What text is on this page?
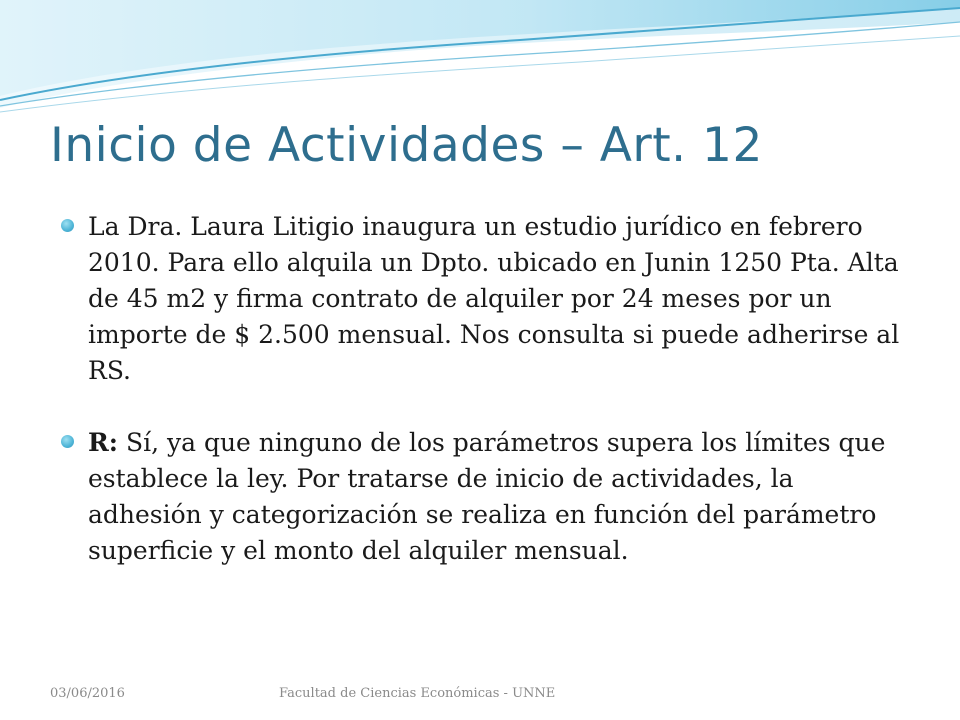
Inicio de Actividades – Art. 12
La Dra. Laura Litigio inaugura un estudio jurídico en febrero 2010. Para ello alquila un Dpto. ubicado en Junin 1250 Pta. Alta de 45 m2 y firma contrato de alquiler por 24 meses por un importe de $ 2.500 mensual. Nos consulta si puede adherirse al RS.
R: Sí, ya que ninguno de los parámetros supera los límites que establece la ley. Por tratarse de inicio de actividades, la adhesión y categorización se realiza en función del parámetro superficie y el monto del alquiler mensual.
03/06/2016	Facultad de Ciencias Económicas - UNNE
